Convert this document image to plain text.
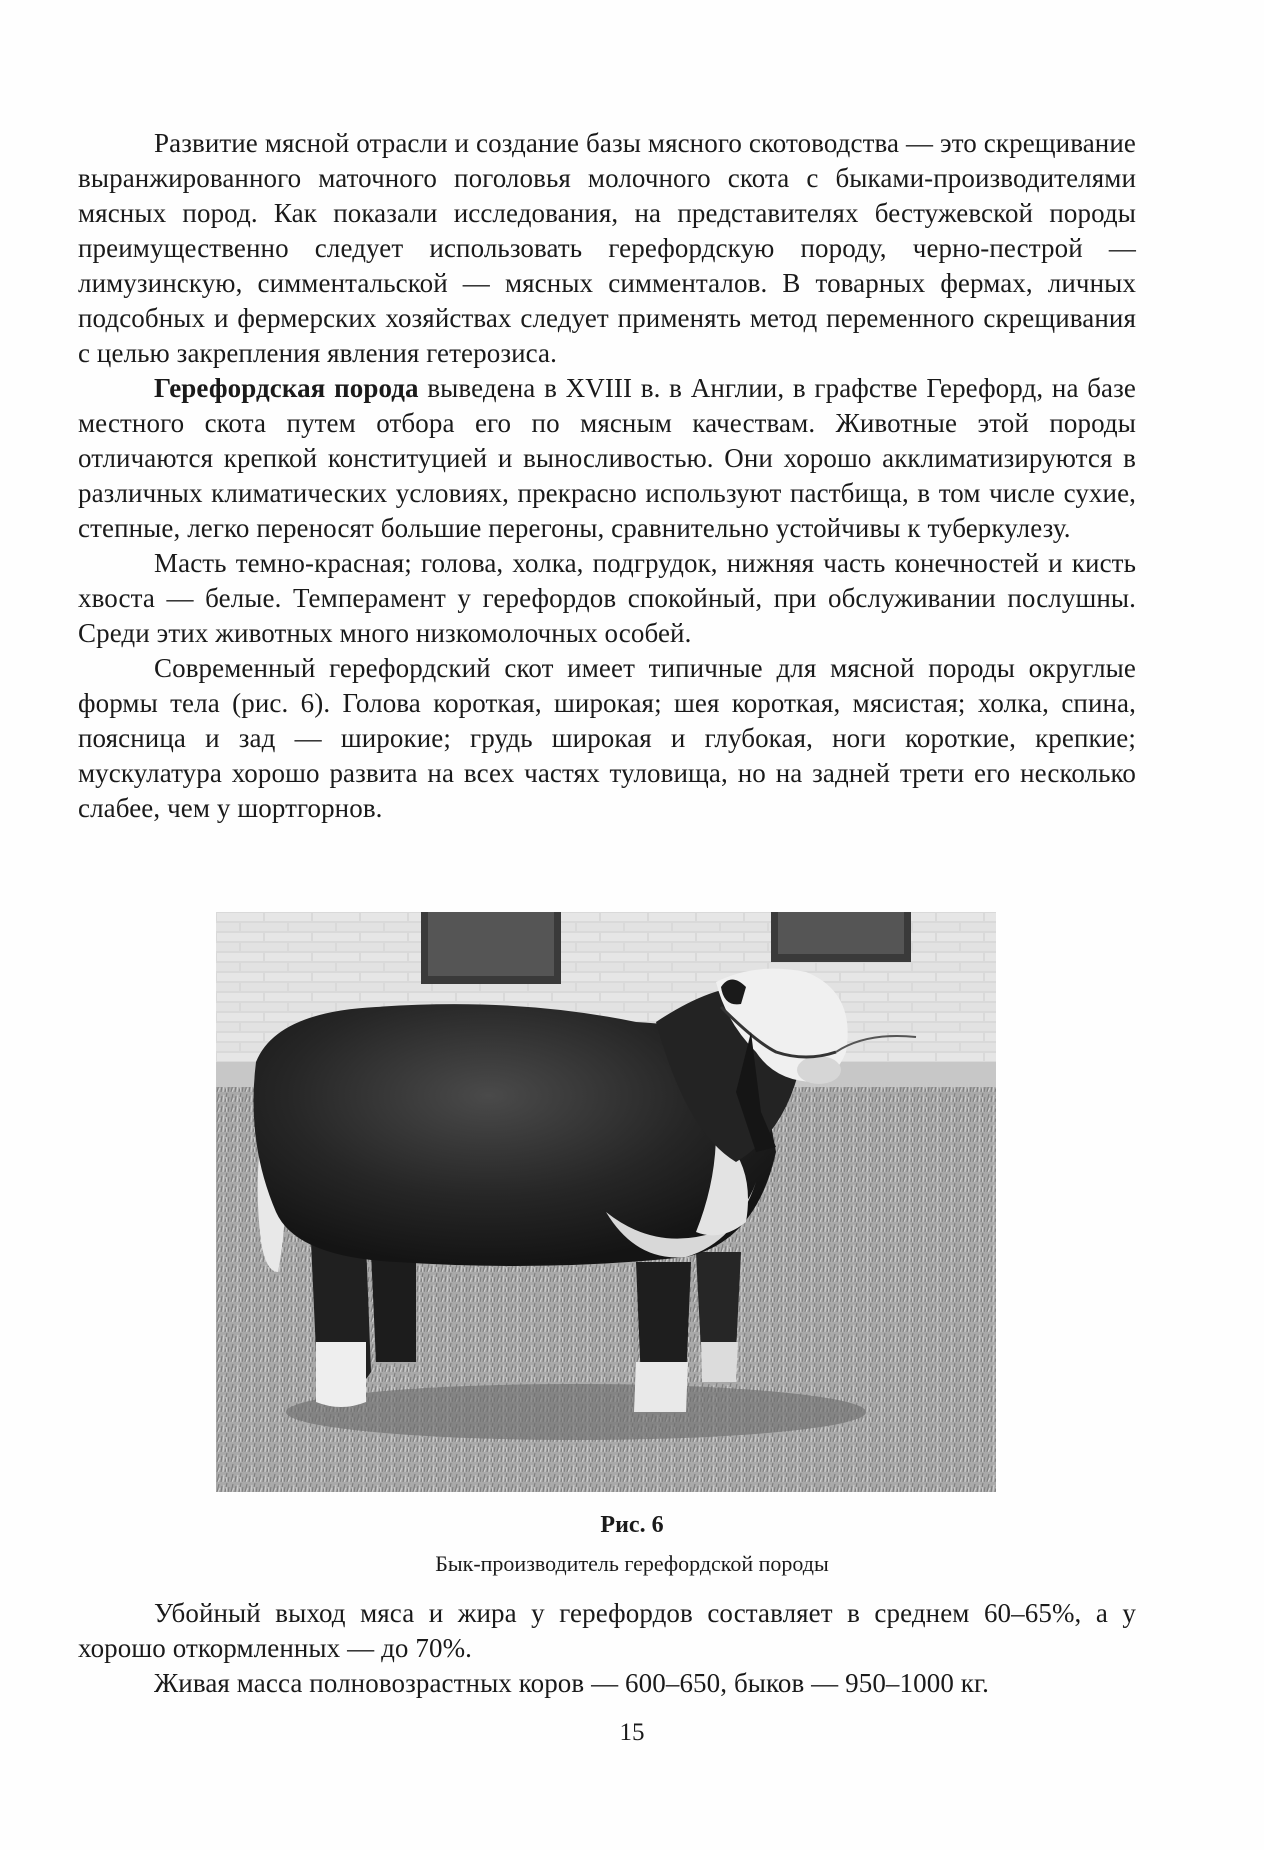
Развитие мясной отрасли и создание базы мясного скотоводства — это скрещивание выранжированного маточного поголовья молочного скота с быками-производителями мясных пород. Как показали исследования, на представителях бестужевской породы преимущественно следует использовать герефордскую породу, черно-пестрой — лимузинскую, симментальской — мясных симменталов. В товарных фермах, личных подсобных и фермерских хозяйствах следует применять метод переменного скрещивания с целью закрепления явления гетерозиса.

Герефордская порода выведена в XVIII в. в Англии, в графстве Герефорд, на базе местного скота путем отбора его по мясным качествам. Животные этой породы отличаются крепкой конституцией и выносливостью. Они хорошо акклиматизируются в различных климатических условиях, прекрасно используют пастбища, в том числе сухие, степные, легко переносят большие перегоны, сравнительно устойчивы к туберкулезу.

Масть темно-красная; голова, холка, подгрудок, нижняя часть конечностей и кисть хвоста — белые. Темперамент у герефордов спокойный, при обслуживании послушны. Среди этих животных много низкомолочных особей.

Современный герефордский скот имеет типичные для мясной породы округлые формы тела (рис. 6). Голова короткая, широкая; шея короткая, мясистая; холка, спина, поясница и зад — широкие; грудь широкая и глубокая, ноги короткие, крепкие; мускулатура хорошо развита на всех частях туловища, но на задней трети его несколько слабее, чем у шортгорнов.

Рис. 6
Бык-производитель герефордской породы

Убойный выход мяса и жира у герефордов составляет в среднем 60–65%, а у хорошо откормленных — до 70%.

Живая масса полновозрастных коров — 600–650, быков — 950–1000 кг.

15
